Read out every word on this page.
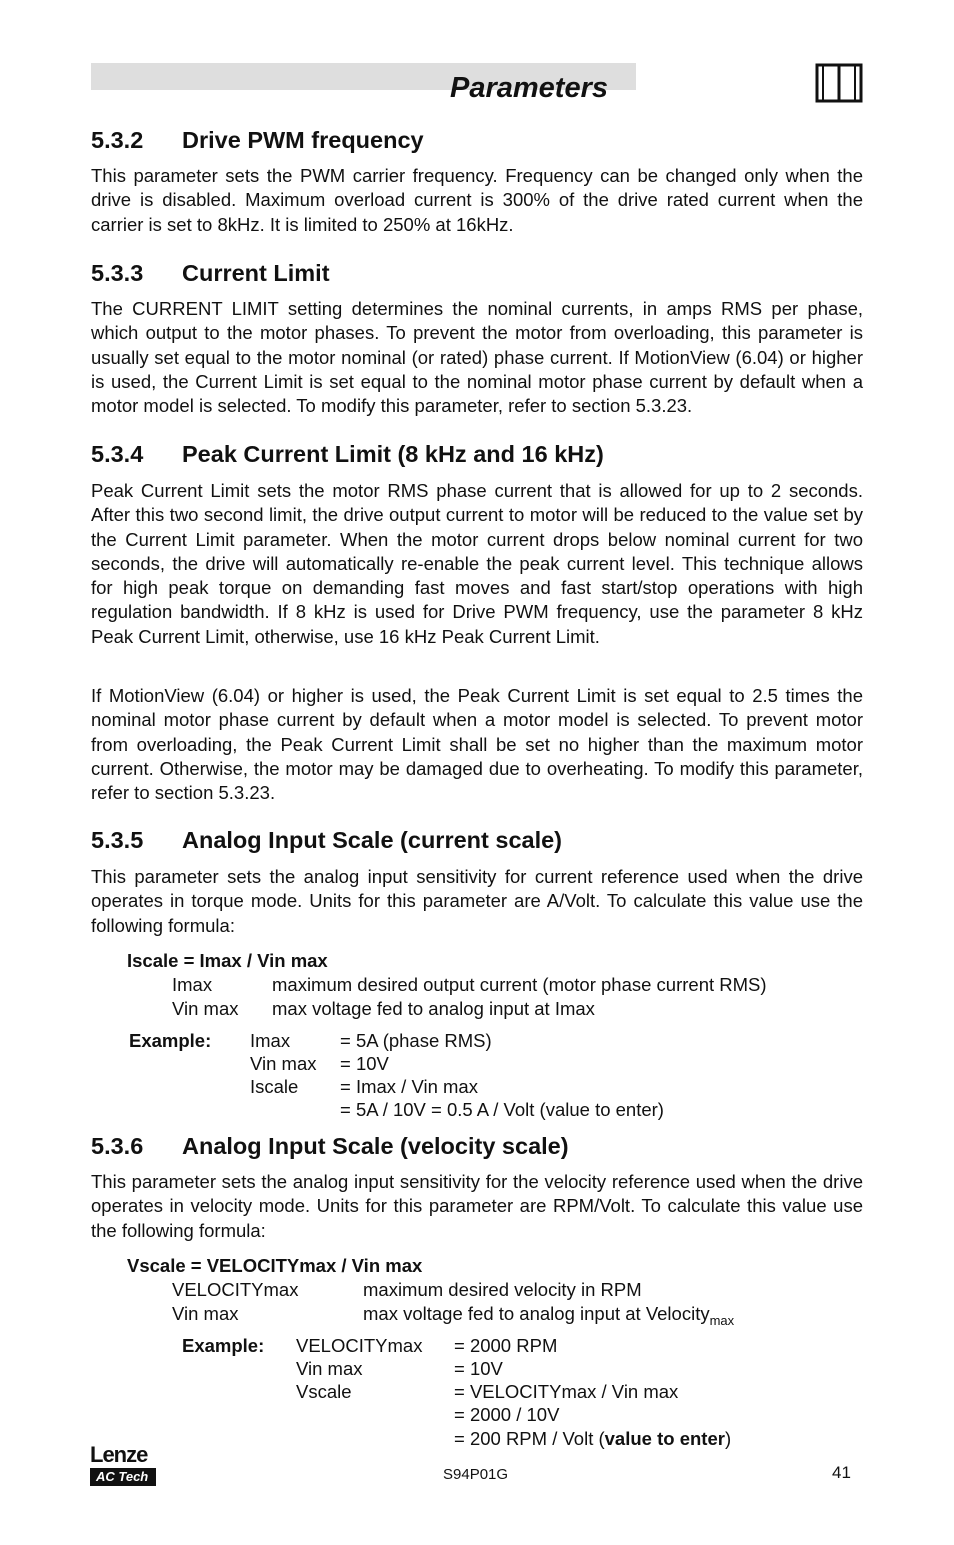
Parameters
5.3.2 Drive PWM frequency
This parameter sets the PWM carrier frequency. Frequency can be changed only when the drive is disabled. Maximum overload current is 300% of the drive rated current when the carrier is set to 8kHz. It is limited to 250% at 16kHz.
5.3.3 Current Limit
The CURRENT LIMIT setting determines the nominal currents, in amps RMS per phase, which output to the motor phases. To prevent the motor from overloading, this parameter is usually set equal to the motor nominal (or rated) phase current. If MotionView (6.04) or higher is used, the Current Limit is set equal to the nominal motor phase current by default when a motor model is selected. To modify this parameter, refer to section 5.3.23.
5.3.4 Peak Current Limit (8 kHz and 16 kHz)
Peak Current Limit sets the motor RMS phase current that is allowed for up to 2 seconds. After this two second limit, the drive output current to motor will be reduced to the value set by the Current Limit parameter. When the motor current drops below nominal current for two seconds, the drive will automatically re-enable the peak current level. This technique allows for high peak torque on demanding fast moves and fast start/stop operations with high regulation bandwidth. If 8 kHz is used for Drive PWM frequency, use the parameter 8 kHz Peak Current Limit, otherwise, use 16 kHz Peak Current Limit.
If MotionView (6.04) or higher is used, the Peak Current Limit is set equal to 2.5 times the nominal motor phase current by default when a motor model is selected. To prevent motor from overloading, the Peak Current Limit shall be set no higher than the maximum motor current. Otherwise, the motor may be damaged due to overheating. To modify this parameter, refer to section 5.3.23.
5.3.5 Analog Input Scale (current scale)
This parameter sets the analog input sensitivity for current reference used when the drive operates in torque mode. Units for this parameter are A/Volt. To calculate this value use the following formula:
Iscale = Imax / Vin max
Imax	maximum desired output current (motor phase current RMS)
Vin max max voltage fed to analog input at Imax
Example: Imax	= 5A (phase RMS)
Vin max = 10V
Iscale = Imax / Vin max
= 5A / 10V = 0.5 A / Volt (value to enter)
5.3.6 Analog Input Scale (velocity scale)
This parameter sets the analog input sensitivity for the velocity reference used when the drive operates in velocity mode. Units for this parameter are RPM/Volt. To calculate this value use the following formula:
Vscale = VELOCITYmax / Vin max
VELOCITYmax	maximum desired velocity in RPM
Vin max	max voltage fed to analog input at Velocity$_{max}$
Example: VELOCITYmax = 2000 RPM
Vin max	= 10V
Vscale	= VELOCITYmax / Vin max
= 2000 / 10V
= 200 RPM / Volt (value to enter)
Lenze
AC Tech	S94P01G	41
